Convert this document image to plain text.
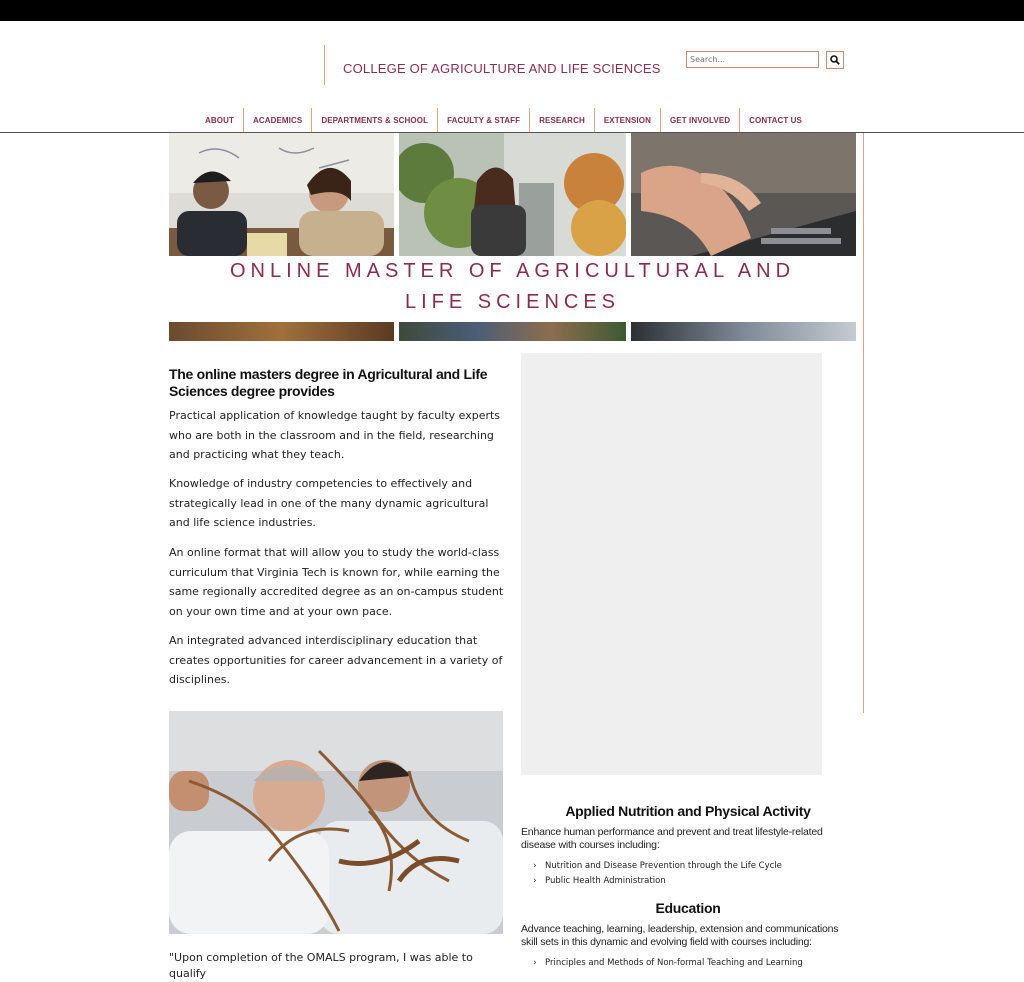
COLLEGE OF AGRICULTURE AND LIFE SCIENCES
Search...
ABOUT	ACADEMICS	DEPARTMENTS & SCHOOL	FACULTY & STAFF	RESEARCH	EXTENSION	GET INVOLVED	CONTACT US
ONLINE MASTER OF AGRICULTURAL AND
LIFE SCIENCES
The online masters degree in Agricultural and Life Sciences degree provides
Practical application of knowledge taught by faculty experts who are both in the classroom and in the field, researching and practicing what they teach.
Knowledge of industry competencies to effectively and strategically lead in one of the many dynamic agricultural and life science industries.
An online format that will allow you to study the world-class curriculum that Virginia Tech is known for, while earning the same regionally accredited degree as an on-campus student on your own time and at your own pace.
An integrated advanced interdisciplinary education that creates opportunities for career advancement in a variety of disciplines.
"Upon completion of the OMALS program, I was able to qualify
Applied Nutrition and Physical Activity
Enhance human performance and prevent and treat lifestyle-related disease with courses including:
› Nutrition and Disease Prevention through the Life Cycle
› Public Health Administration
Education
Advance teaching, learning, leadership, extension and communications skill sets in this dynamic and evolving field with courses including:
› Principles and Methods of Non-formal Teaching and Learning
